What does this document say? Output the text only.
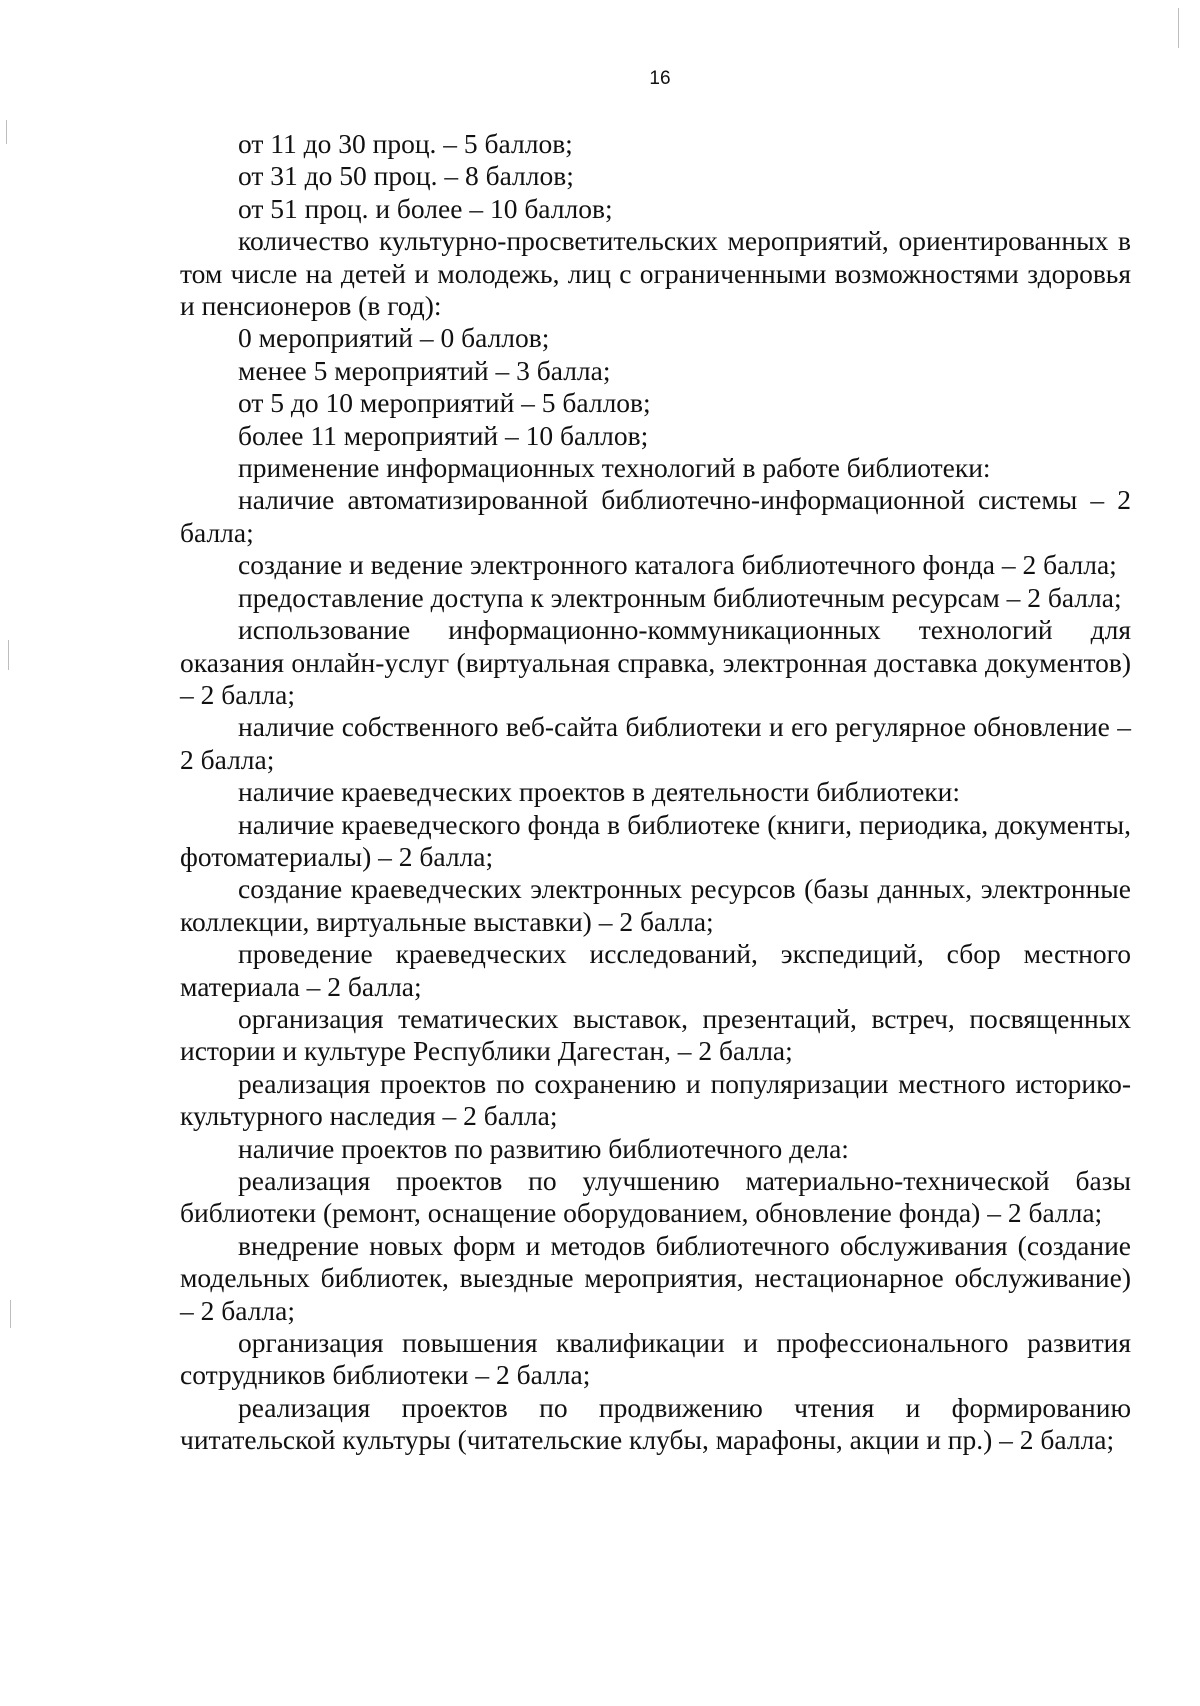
16

от 11 до 30 проц. – 5 баллов;

от 31 до 50 проц. – 8 баллов;

от 51 проц. и более – 10 баллов;

количество культурно-просветительских мероприятий, ориентированных в том числе на детей и молодежь, лиц с ограниченными возможностями здоровья и пенсионеров (в год):

0 мероприятий – 0 баллов;

менее 5 мероприятий – 3 балла;

от 5 до 10 мероприятий – 5 баллов;

более 11 мероприятий – 10 баллов;

применение информационных технологий в работе библиотеки:

наличие автоматизированной библиотечно-информационной системы – 2 балла;

создание и ведение электронного каталога библиотечного фонда – 2 балла;

предоставление доступа к электронным библиотечным ресурсам – 2 балла;

использование информационно-коммуникационных технологий для оказания онлайн-услуг (виртуальная справка, электронная доставка документов) – 2 балла;

наличие собственного веб-сайта библиотеки и его регулярное обновление – 2 балла;

наличие краеведческих проектов в деятельности библиотеки:

наличие краеведческого фонда в библиотеке (книги, периодика, документы, фотоматериалы) – 2 балла;

создание краеведческих электронных ресурсов (базы данных, электронные коллекции, виртуальные выставки) – 2 балла;

проведение краеведческих исследований, экспедиций, сбор местного материала – 2 балла;

организация тематических выставок, презентаций, встреч, посвященных истории и культуре Республики Дагестан, – 2 балла;

реализация проектов по сохранению и популяризации местного историко-культурного наследия – 2 балла;

наличие проектов по развитию библиотечного дела:

реализация проектов по улучшению материально-технической базы библиотеки (ремонт, оснащение оборудованием, обновление фонда) – 2 балла;

внедрение новых форм и методов библиотечного обслуживания (создание модельных библиотек, выездные мероприятия, нестационарное обслуживание) – 2 балла;

организация повышения квалификации и профессионального развития сотрудников библиотеки – 2 балла;

реализация проектов по продвижению чтения и формированию читательской культуры (читательские клубы, марафоны, акции и пр.) – 2 балла;
